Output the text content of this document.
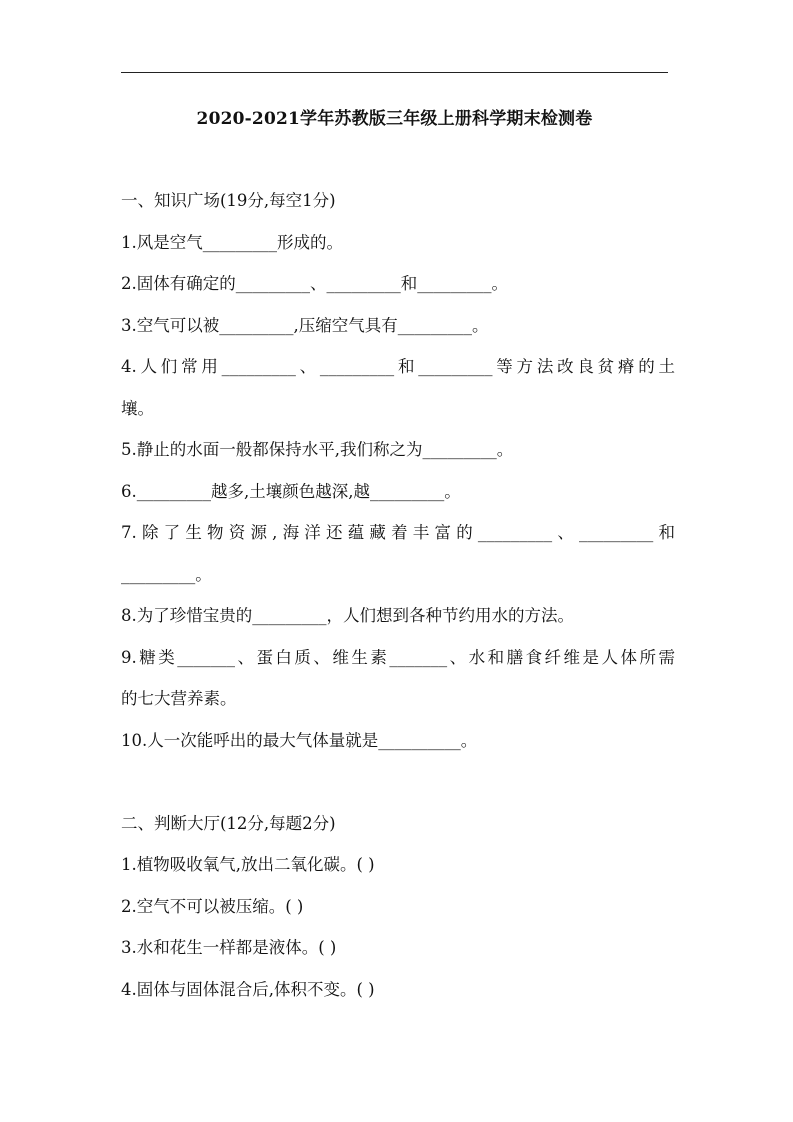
2020-2021学年苏教版三年级上册科学期末检测卷
一、知识广场(19分,每空1分)
1.风是空气_________形成的。
2.固体有确定的_________、_________和_________。
3.空气可以被_________,压缩空气具有_________。
4.人们常用_________、_________和_________等方法改良贫瘠的土
壤。
5.静止的水面一般都保持水平,我们称之为_________。
6._________越多,土壤颜色越深,越_________。
7.除了生物资源,海洋还蕴藏着丰富的_________、_________和
_________。
8.为了珍惜宝贵的_________，人们想到各种节约用水的方法。
9.糖类_______、蛋白质、维生素_______、水和膳食纤维是人体所需
的七大营养素。
10.人一次能呼出的最大气体量就是__________。
二、判断大厅(12分,每题2分)
1.植物吸收氧气,放出二氧化碳。( )
2.空气不可以被压缩。( )
3.水和花生一样都是液体。( )
4.固体与固体混合后,体积不变。( )
